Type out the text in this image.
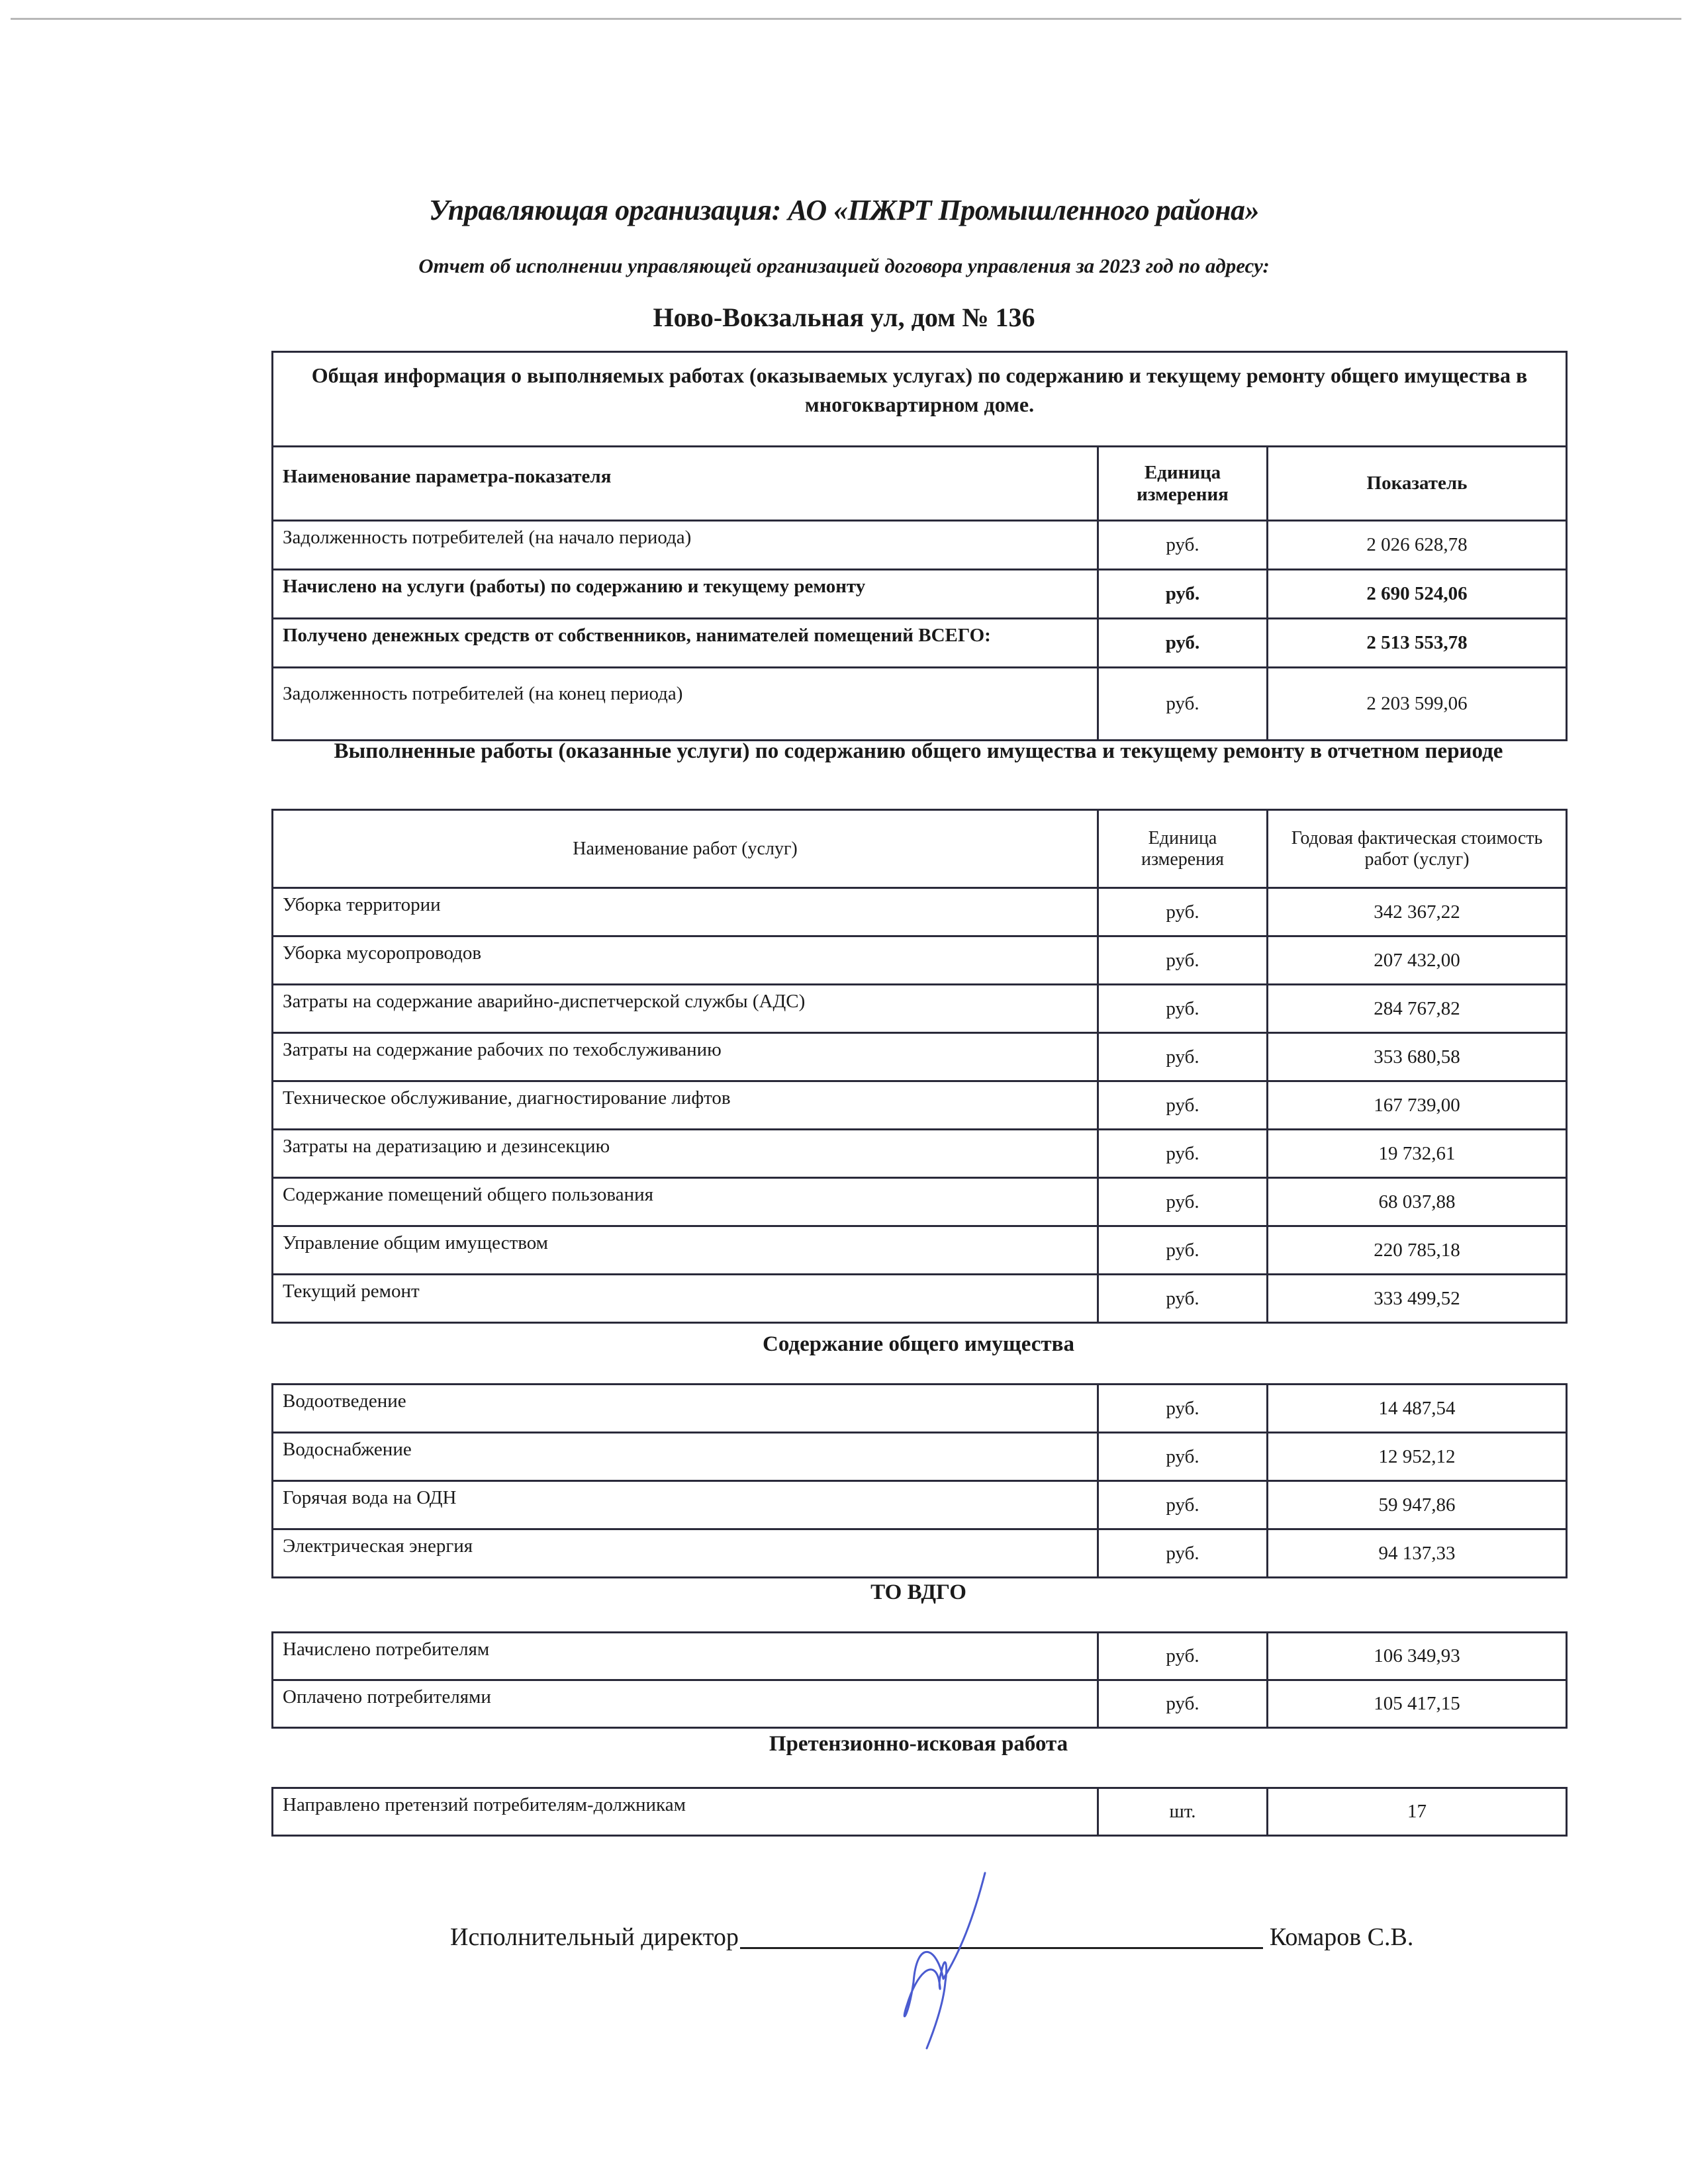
Управляющая организация: АО «ПЖРТ Промышленного района»
Отчет об исполнении управляющей организацией договора управления за 2023 год по адресу:
Ново-Вокзальная ул, дом № 136
Общая информация о выполняемых работах (оказываемых услугах) по содержанию и текущему ремонту общего имущества в многоквартирном доме.		
Наименование параметра-показателя	Единица измерения	Показатель
Задолженность потребителей (на начало периода)	руб.	2 026 628,78
Начислено на услуги (работы) по содержанию и текущему ремонту	руб.	2 690 524,06
Получено денежных средств от собственников, нанимателей помещений ВСЕГО:	руб.	2 513 553,78
Задолженность потребителей (на конец периода)	руб.	2 203 599,06
Выполненные работы (оказанные услуги) по содержанию общего имущества и текущему ремонту в отчетном периоде
Наименование работ (услуг)	Единица измерения	Годовая фактическая стоимость работ (услуг)
Уборка территории	руб.	342 367,22
Уборка мусоропроводов	руб.	207 432,00
Затраты на содержание аварийно-диспетчерской службы (АДС)	руб.	284 767,82
Затраты на содержание рабочих по техобслуживанию	руб.	353 680,58
Техническое обслуживание, диагностирование лифтов	руб.	167 739,00
Затраты на дератизацию и дезинсекцию	руб.	19 732,61
Содержание помещений общего пользования	руб.	68 037,88
Управление общим имуществом	руб.	220 785,18
Текущий ремонт	руб.	333 499,52
Содержание общего имущества
Водоотведение	руб.	14 487,54
Водоснабжение	руб.	12 952,12
Горячая вода на ОДН	руб.	59 947,86
Электрическая энергия	руб.	94 137,33
ТО ВДГО
Начислено потребителям	руб.	106 349,93
Оплачено потребителями	руб.	105 417,15
Претензионно-исковая работа
Направлено претензий потребителям-должникам	шт.	17
Исполнительный директор	Комаров С.В.
